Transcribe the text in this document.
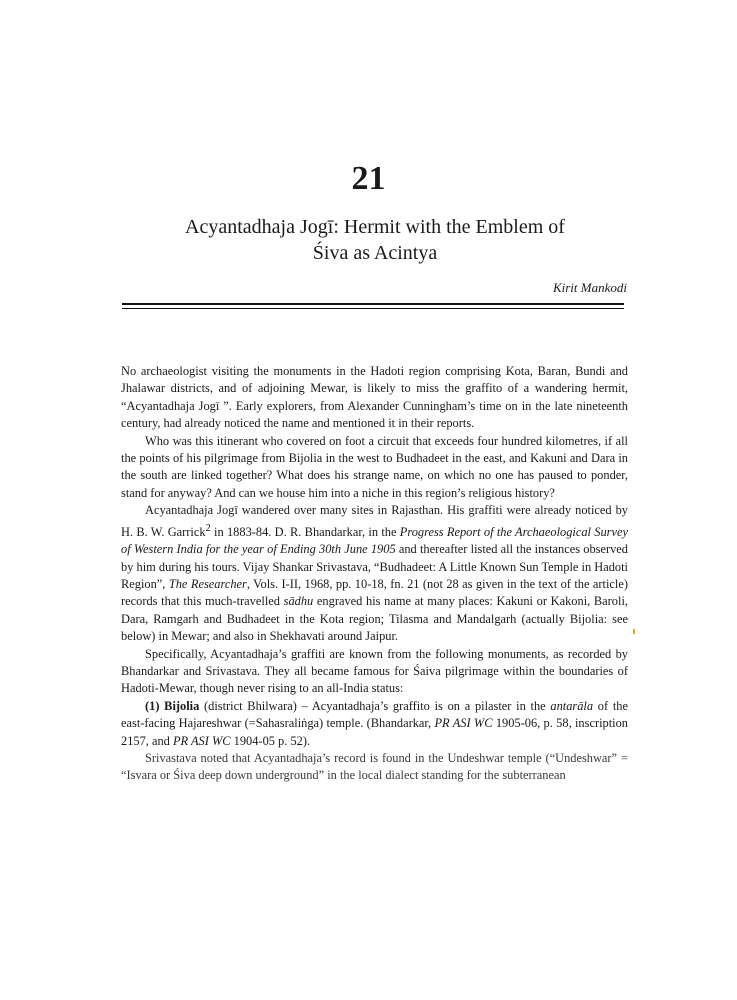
21
Acyantadhaja Jogī: Hermit with the Emblem of
Śiva as Acintya

Kirit Mankodi

No archaeologist visiting the monuments in the Hadoti region comprising Kota, Baran, Bundi and Jhalawar districts, and of adjoining Mewar, is likely to miss the graffito of a wandering hermit, “Acyantadhaja Jogī ”. Early explorers, from Alexander Cunningham’s time on in the late nineteenth century, had already noticed the name and mentioned it in their reports.

Who was this itinerant who covered on foot a circuit that exceeds four hundred kilometres, if all the points of his pilgrimage from Bijolia in the west to Budhadeet in the east, and Kakuni and Dara in the south are linked together? What does his strange name, on which no one has paused to ponder, stand for anyway? And can we house him into a niche in this region’s religious history?

Acyantadhaja Jogī wandered over many sites in Rajasthan. His graffiti were already noticed by H. B. W. Garrick$^2$ in 1883-84. D. R. Bhandarkar, in the Progress Report of the Archaeological Survey of Western India for the year of Ending 30th June 1905 and thereafter listed all the instances observed by him during his tours. Vijay Shankar Srivastava, “Budhadeet: A Little Known Sun Temple in Hadoti Region”, The Researcher, Vols. I-II, 1968, pp. 10-18, fn. 21 (not 28 as given in the text of the article) records that this much-travelled sādhu engraved his name at many places: Kakuni or Kakoni, Baroli, Dara, Ramgarh and Budhadeet in the Kota region; Tilasma and Mandalgarh (actually Bijolia: see below) in Mewar; and also in Shekhavati around Jaipur.

Specifically, Acyantadhaja’s graffiti are known from the following monuments, as recorded by Bhandarkar and Srivastava. They all became famous for Śaiva pilgrimage within the boundaries of Hadoti-Mewar, though never rising to an all-India status:

(1) Bijolia (district Bhilwara) – Acyantadhaja’s graffito is on a pilaster in the antarāla of the east-facing Hajareshwar (=Sahasraliṅga) temple. (Bhandarkar, PR ASI WC 1905-06, p. 58, inscription 2157, and PR ASI WC 1904-05 p. 52).

Srivastava noted that Acyantadhaja’s record is found in the Undeshwar temple (“Undeshwar” = “Isvara or Śiva deep down underground” in the local dialect standing for the subterranean
